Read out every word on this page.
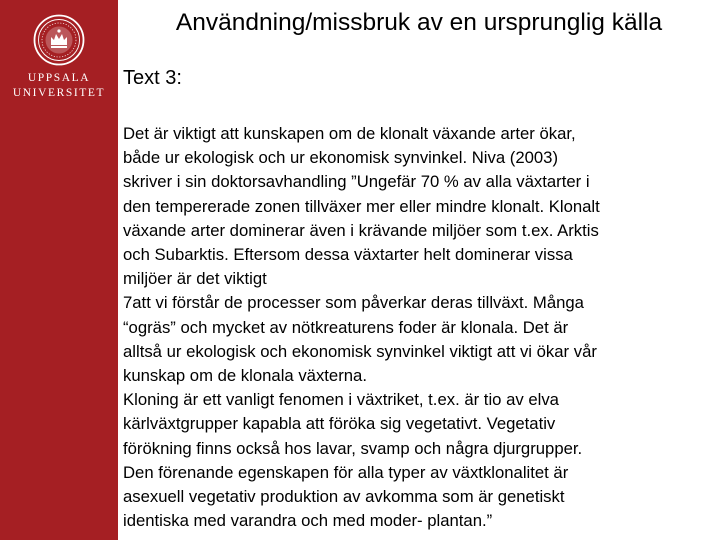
UPPSALA
UNIVERSITET
Användning/missbruk av en ursprunglig källa
Text 3:
Det är viktigt att kunskapen om de klonalt växande arter ökar,
både ur ekologisk och ur ekonomisk synvinkel. Niva (2003)
skriver i sin doktorsavhandling ”Ungefär 70 % av alla växtarter i
den tempererade zonen tillväxer mer eller mindre klonalt. Klonalt
växande arter dominerar även i krävande miljöer som t.ex. Arktis
och Subarktis. Eftersom dessa växtarter helt dominerar vissa
miljöer är det viktigt
7att vi förstår de processer som påverkar deras tillväxt. Många
“ogräs” och mycket av nötkreaturens foder är klonala. Det är
alltså ur ekologisk och ekonomisk synvinkel viktigt att vi ökar vår
kunskap om de klonala växterna.
Kloning är ett vanligt fenomen i växtriket, t.ex. är tio av elva
kärlväxtgrupper kapabla att föröka sig vegetativt. Vegetativ
förökning finns också hos lavar, svamp och några djurgrupper.
Den förenande egenskapen för alla typer av växtklonalitet är
asexuell vegetativ produktion av avkomma som är genetiskt
identiska med varandra och med moder- plantan.”
